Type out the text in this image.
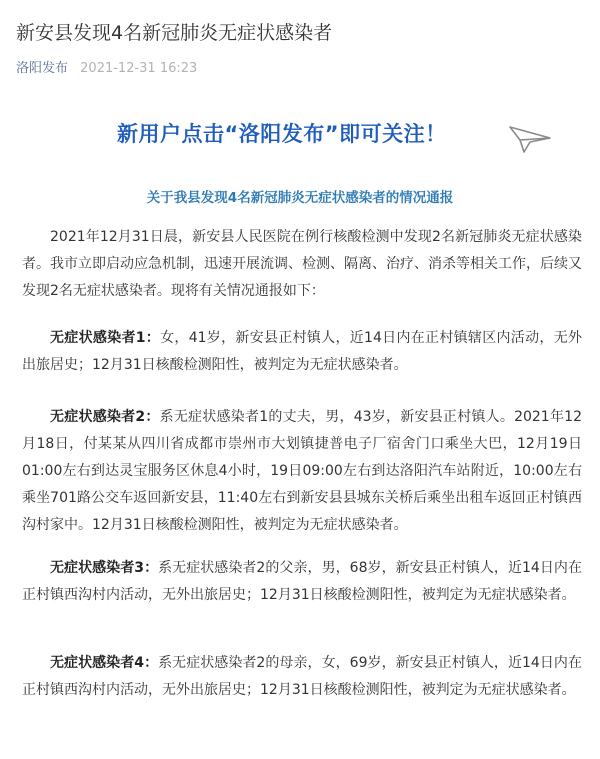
新安县发现4名新冠肺炎无症状感染者
洛阳发布 2021-12-31 16:23
新用户点击“洛阳发布”即可关注！
关于我县发现4名新冠肺炎无症状感染者的情况通报

2021年12月31日晨，新安县人民医院在例行核酸检测中发现2名新冠肺炎无症状感染者。我市立即启动应急机制，迅速开展流调、检测、隔离、治疗、消杀等相关工作，后续又发现2名无症状感染者。现将有关情况通报如下：

无症状感染者1：女，41岁，新安县正村镇人，近14日内在正村镇辖区内活动，无外出旅居史；12月31日核酸检测阳性，被判定为无症状感染者。

无症状感染者2：系无症状感染者1的丈夫，男，43岁，新安县正村镇人。2021年12月18日，付某某从四川省成都市崇州市大划镇捷普电子厂宿舍门口乘坐大巴，12月19日01:00左右到达灵宝服务区休息4小时，19日09:00左右到达洛阳汽车站附近，10:00左右乘坐701路公交车返回新安县，11:40左右到新安县县城东关桥后乘坐出租车返回正村镇西沟村家中。12月31日核酸检测阳性，被判定为无症状感染者。

无症状感染者3：系无症状感染者2的父亲，男，68岁，新安县正村镇人，近14日内在正村镇西沟村内活动，无外出旅居史；12月31日核酸检测阳性，被判定为无症状感染者。

无症状感染者4：系无症状感染者2的母亲，女，69岁，新安县正村镇人，近14日内在正村镇西沟村内活动，无外出旅居史；12月31日核酸检测阳性，被判定为无症状感染者。
